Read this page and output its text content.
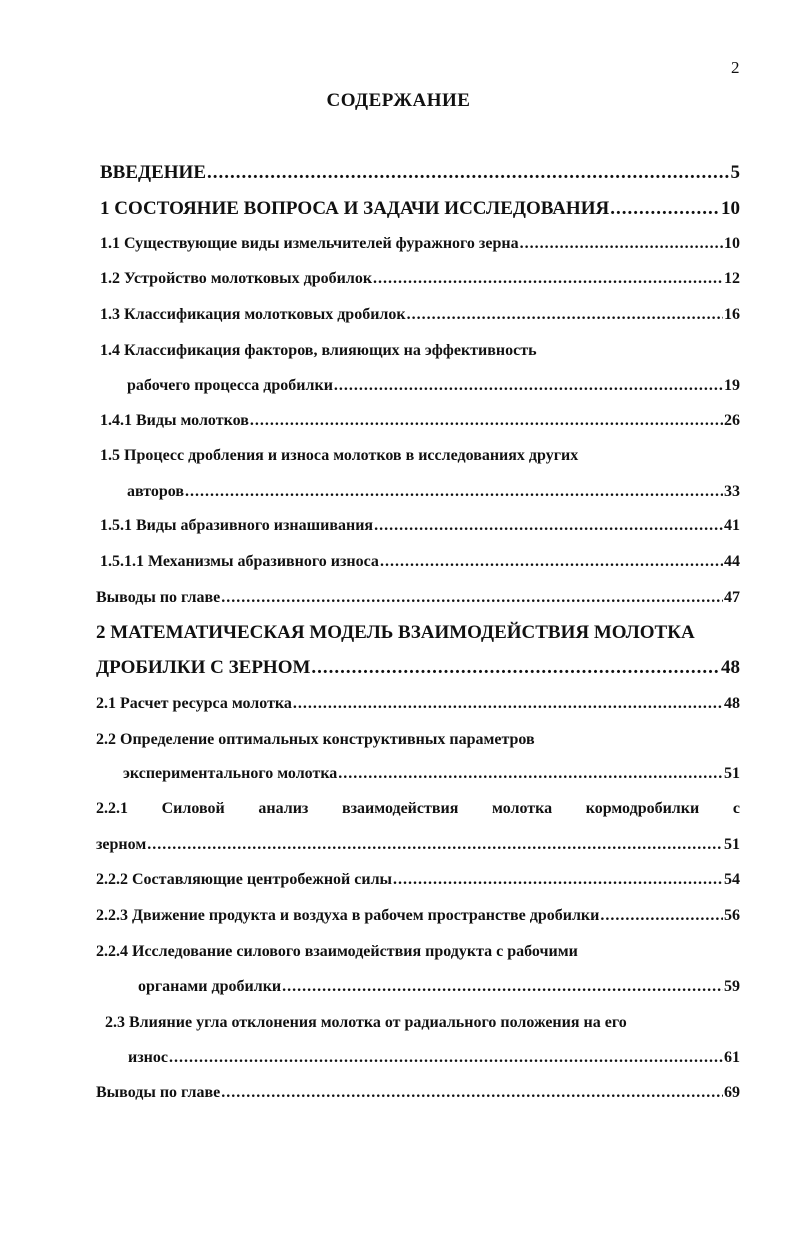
2
СОДЕРЖАНИЕ
ВВЕДЕНИЕ .....	5
1 СОСТОЯНИЕ ВОПРОСА И ЗАДАЧИ ИССЛЕДОВАНИЯ .....	10
1.1 Существующие виды измельчителей фуражного зерна .....	10
1.2 Устройство молотковых дробилок .....	12
1.3 Классификация молотковых дробилок .....	16
1.4 Классификация факторов, влияющих на эффективность
рабочего процесса дробилки .....	19
1.4.1 Виды молотков .....	26
1.5 Процесс дробления и износа молотков в исследованиях других
авторов .....	33
1.5.1 Виды абразивного изнашивания .....	41
1.5.1.1 Механизмы абразивного износа .....	44
Выводы по главе .....	47
2 МАТЕМАТИЧЕСКАЯ МОДЕЛЬ ВЗАИМОДЕЙСТВИЯ МОЛОТКА
ДРОБИЛКИ С ЗЕРНОМ .....	48
2.1 Расчет ресурса молотка .....	48
2.2 Определение оптимальных конструктивных параметров
экспериментального молотка .....	51
2.2.1 Силовой анализ взаимодействия молотка кормодробилки с
зерном .....	51
2.2.2 Составляющие центробежной силы .....	54
2.2.3 Движение продукта и воздуха в рабочем пространстве дробилки .....	56
2.2.4 Исследование силового взаимодействия продукта с рабочими
органами дробилки .....	59
2.3 Влияние угла отклонения молотка от радиального положения на его
износ .....	61
Выводы по главе .....	69
